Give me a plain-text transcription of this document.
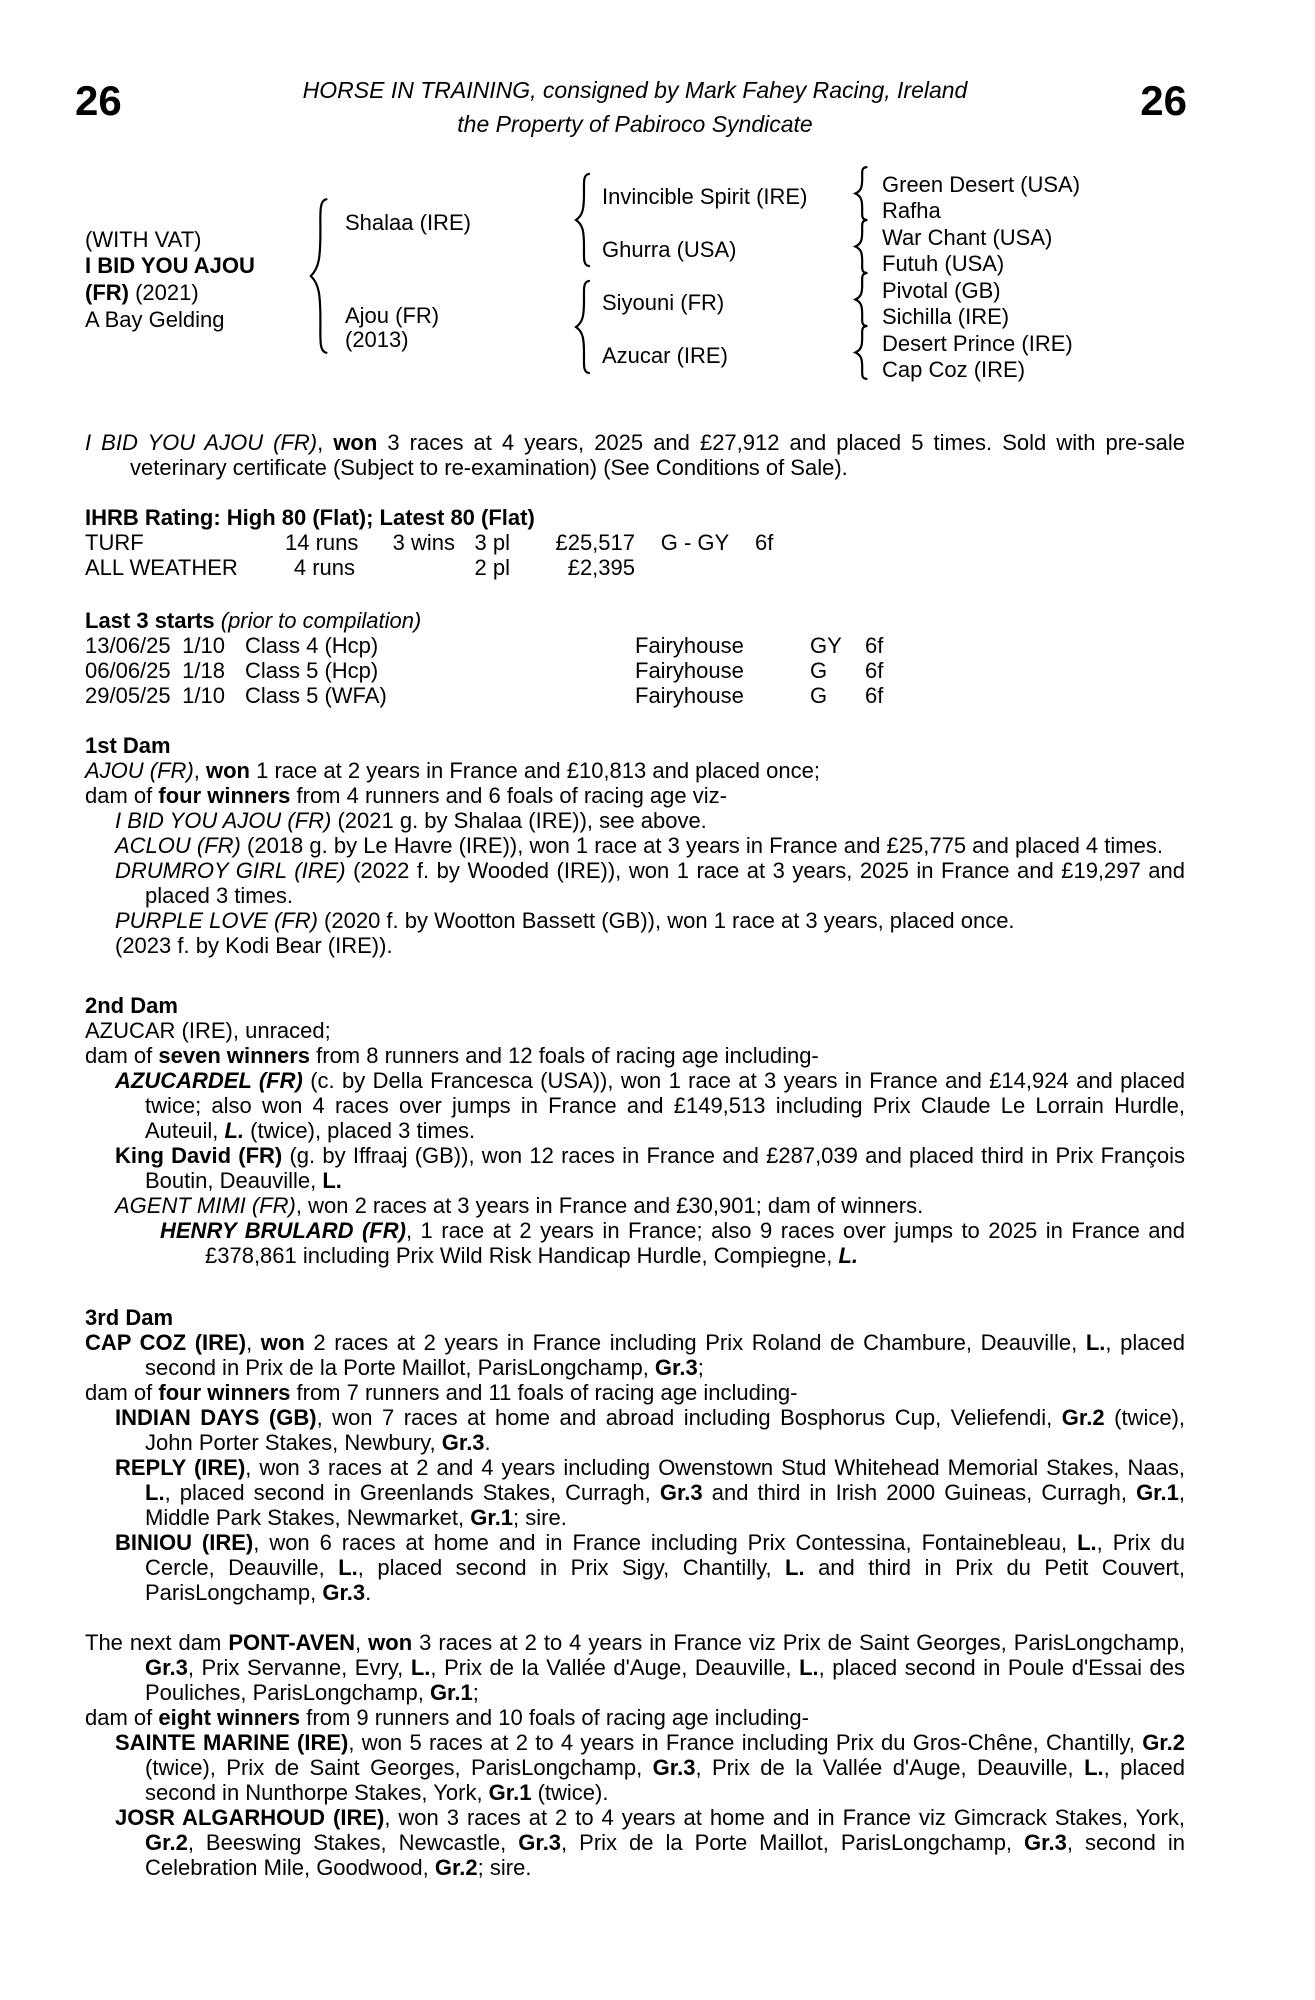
26	26
HORSE IN TRAINING, consigned by Mark Fahey Racing, Ireland
the Property of Pabiroco Syndicate
(WITH VAT)
I BID YOU AJOU
(FR) (2021)
A Bay Gelding
Shalaa (IRE)
Ajou (FR)
(2013)
Invincible Spirit (IRE)
Ghurra (USA)
Siyouni (FR)
Azucar (IRE)
Green Desert (USA)
Rafha
War Chant (USA)
Futuh (USA)
Pivotal (GB)
Sichilla (IRE)
Desert Prince (IRE)
Cap Coz (IRE)
I BID YOU AJOU (FR), won 3 races at 4 years, 2025 and £27,912 and placed 5 times. Sold with pre-sale veterinary certificate (Subject to re-examination) (See Conditions of Sale).
IHRB Rating: High 80 (Flat); Latest 80 (Flat)
TURF	14 runs	3 wins	3 pl	£25,517	G - GY	6f
ALL WEATHER	4 runs		2 pl	£2,395		
Last 3 starts (prior to compilation)
13/06/25	1/10	Class 4 (Hcp)	Fairyhouse	GY	6f
06/06/25	1/18	Class 5 (Hcp)	Fairyhouse	G	6f
29/05/25	1/10	Class 5 (WFA)	Fairyhouse	G	6f
1st Dam
AJOU (FR), won 1 race at 2 years in France and £10,813 and placed once;
dam of four winners from 4 runners and 6 foals of racing age viz-
I BID YOU AJOU (FR) (2021 g. by Shalaa (IRE)), see above.
ACLOU (FR) (2018 g. by Le Havre (IRE)), won 1 race at 3 years in France and £25,775 and placed 4 times.
DRUMROY GIRL (IRE) (2022 f. by Wooded (IRE)), won 1 race at 3 years, 2025 in France and £19,297 and placed 3 times.
PURPLE LOVE (FR) (2020 f. by Wootton Bassett (GB)), won 1 race at 3 years, placed once.
(2023 f. by Kodi Bear (IRE)).
2nd Dam
AZUCAR (IRE), unraced;
dam of seven winners from 8 runners and 12 foals of racing age including-
AZUCARDEL (FR) (c. by Della Francesca (USA)), won 1 race at 3 years in France and £14,924 and placed twice; also won 4 races over jumps in France and £149,513 including Prix Claude Le Lorrain Hurdle, Auteuil, L. (twice), placed 3 times.
King David (FR) (g. by Iffraaj (GB)), won 12 races in France and £287,039 and placed third in Prix François Boutin, Deauville, L.
AGENT MIMI (FR), won 2 races at 3 years in France and £30,901; dam of winners.
HENRY BRULARD (FR), 1 race at 2 years in France; also 9 races over jumps to 2025 in France and £378,861 including Prix Wild Risk Handicap Hurdle, Compiegne, L.
3rd Dam
CAP COZ (IRE), won 2 races at 2 years in France including Prix Roland de Chambure, Deauville, L., placed second in Prix de la Porte Maillot, ParisLongchamp, Gr.3;
dam of four winners from 7 runners and 11 foals of racing age including-
INDIAN DAYS (GB), won 7 races at home and abroad including Bosphorus Cup, Veliefendi, Gr.2 (twice), John Porter Stakes, Newbury, Gr.3.
REPLY (IRE), won 3 races at 2 and 4 years including Owenstown Stud Whitehead Memorial Stakes, Naas, L., placed second in Greenlands Stakes, Curragh, Gr.3 and third in Irish 2000 Guineas, Curragh, Gr.1, Middle Park Stakes, Newmarket, Gr.1; sire.
BINIOU (IRE), won 6 races at home and in France including Prix Contessina, Fontainebleau, L., Prix du Cercle, Deauville, L., placed second in Prix Sigy, Chantilly, L. and third in Prix du Petit Couvert, ParisLongchamp, Gr.3.
The next dam PONT-AVEN, won 3 races at 2 to 4 years in France viz Prix de Saint Georges, ParisLongchamp, Gr.3, Prix Servanne, Evry, L., Prix de la Vallée d'Auge, Deauville, L., placed second in Poule d'Essai des Pouliches, ParisLongchamp, Gr.1;
dam of eight winners from 9 runners and 10 foals of racing age including-
SAINTE MARINE (IRE), won 5 races at 2 to 4 years in France including Prix du Gros-Chêne, Chantilly, Gr.2 (twice), Prix de Saint Georges, ParisLongchamp, Gr.3, Prix de la Vallée d'Auge, Deauville, L., placed second in Nunthorpe Stakes, York, Gr.1 (twice).
JOSR ALGARHOUD (IRE), won 3 races at 2 to 4 years at home and in France viz Gimcrack Stakes, York, Gr.2, Beeswing Stakes, Newcastle, Gr.3, Prix de la Porte Maillot, ParisLongchamp, Gr.3, second in Celebration Mile, Goodwood, Gr.2; sire.
